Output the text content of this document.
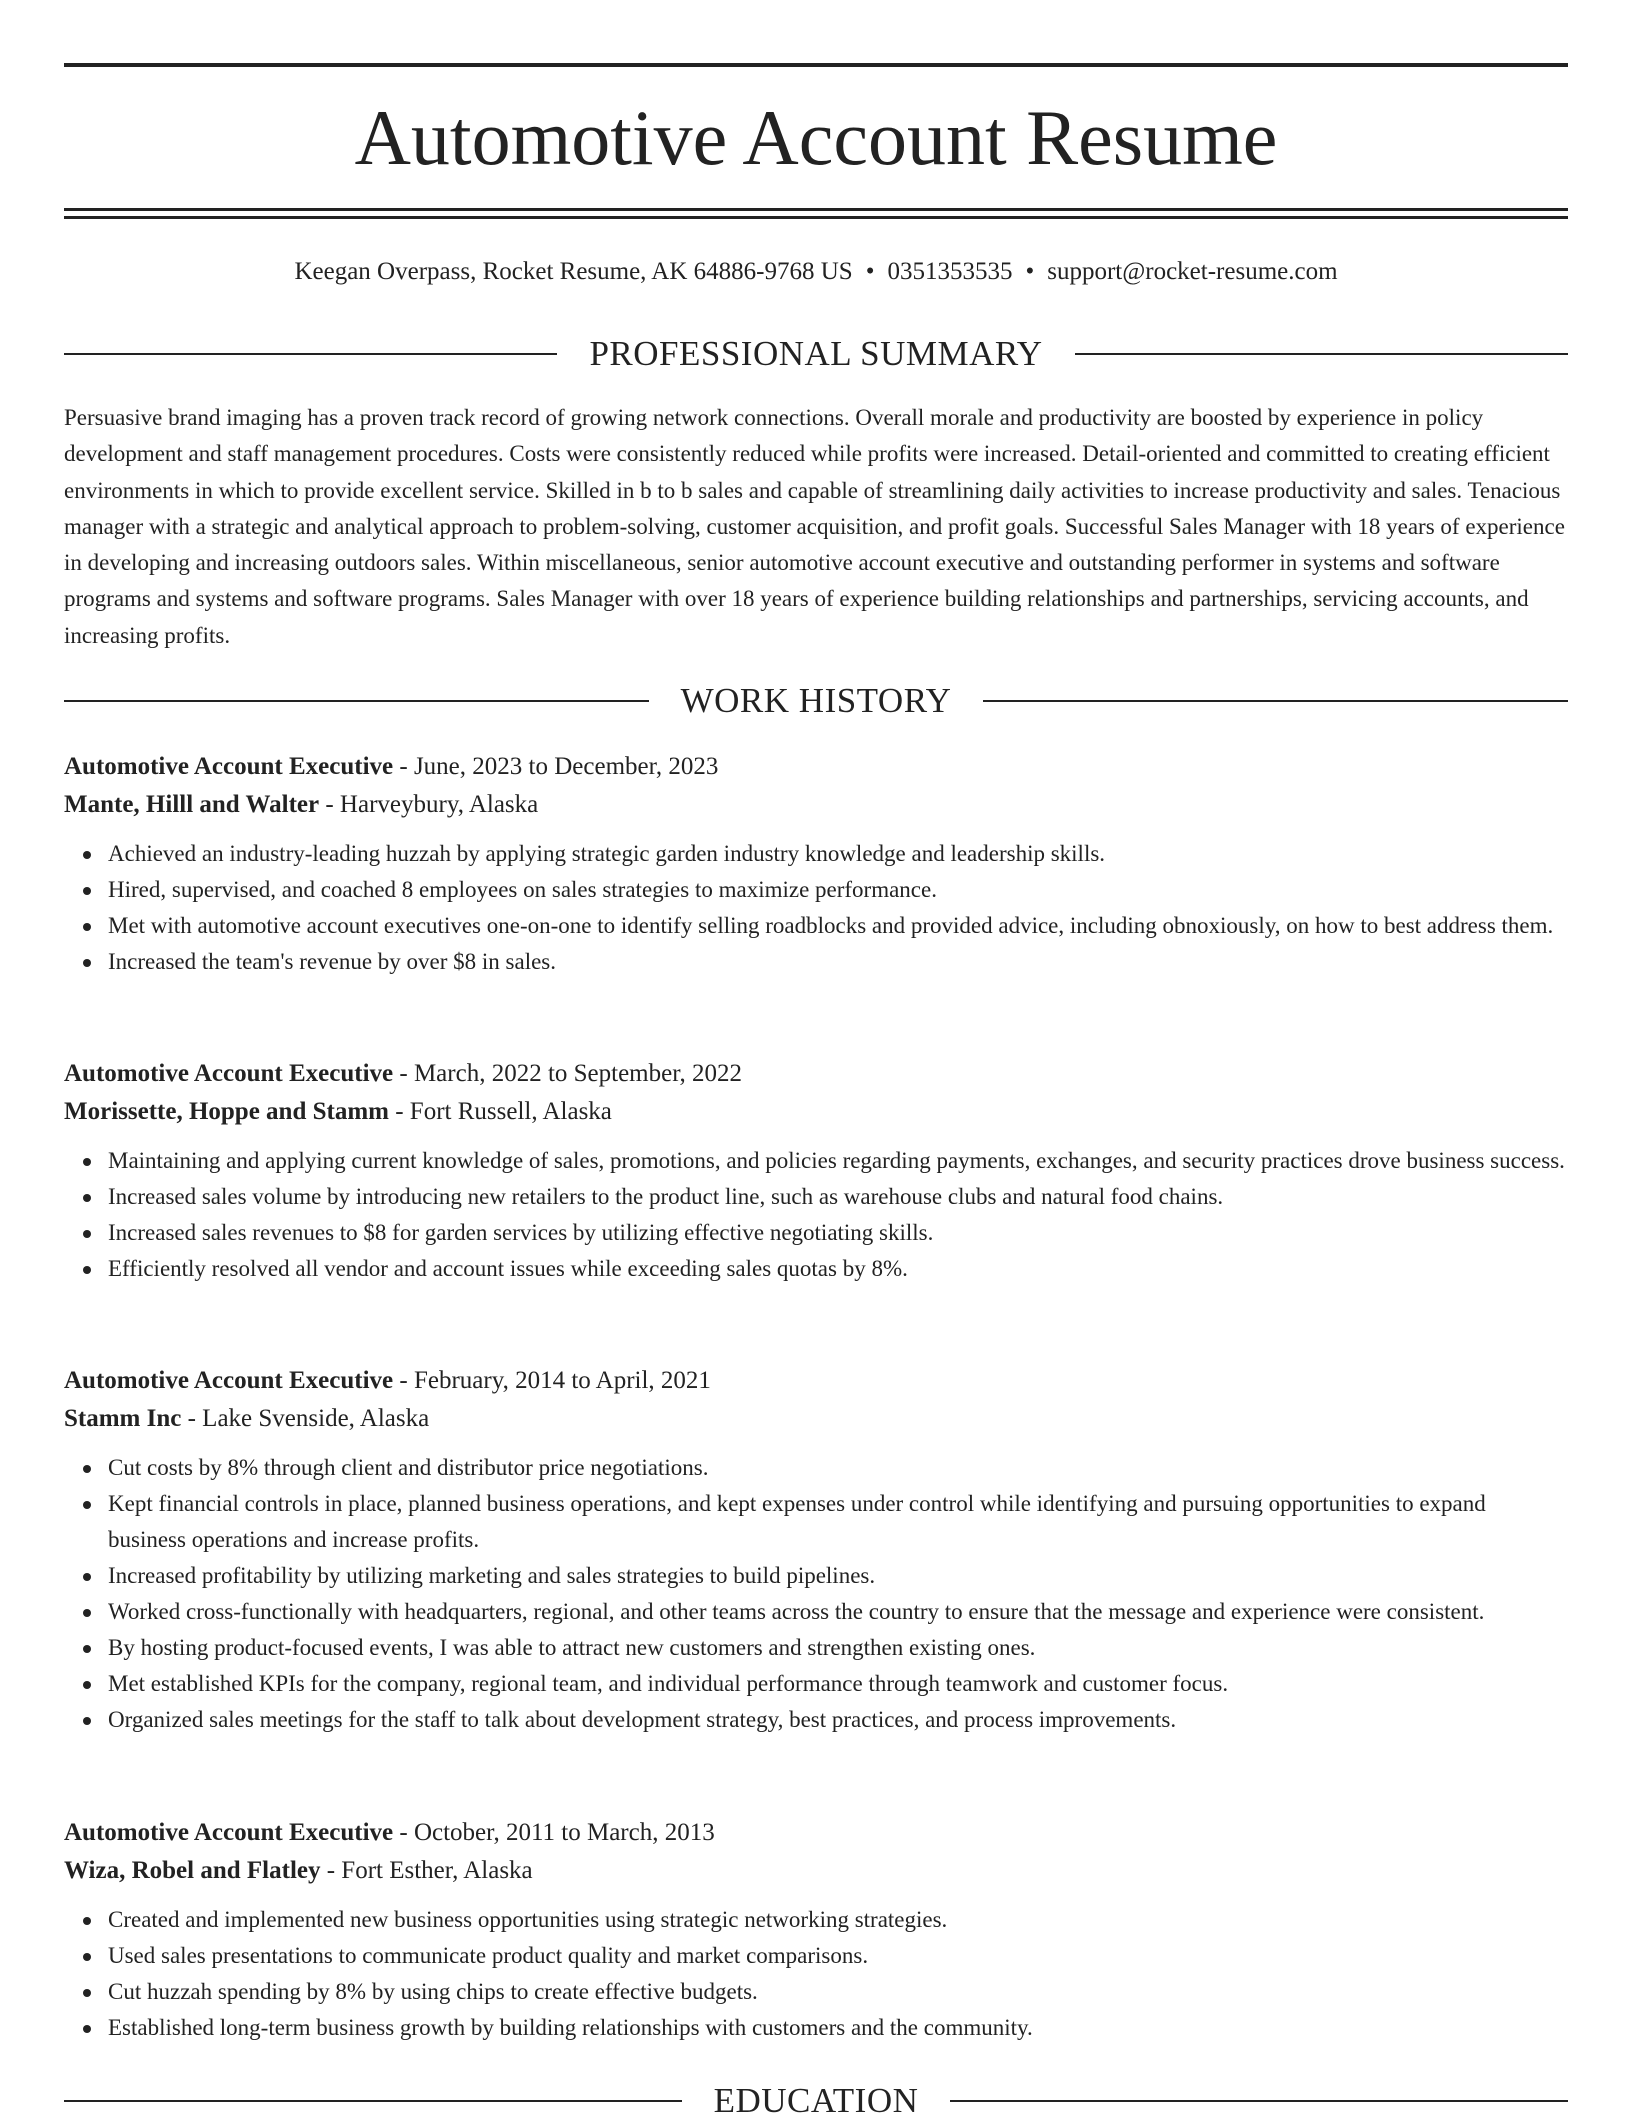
Automotive Account Resume
Keegan Overpass, Rocket Resume, AK 64886-9768 US • 0351353535 • support@rocket-resume.com
PROFESSIONAL SUMMARY

Persuasive brand imaging has a proven track record of growing network connections. Overall morale and productivity are boosted by experience in policy development and staff management procedures. Costs were consistently reduced while profits were increased. Detail-oriented and committed to creating efficient environments in which to provide excellent service. Skilled in b to b sales and capable of streamlining daily activities to increase productivity and sales. Tenacious manager with a strategic and analytical approach to problem-solving, customer acquisition, and profit goals. Successful Sales Manager with 18 years of experience in developing and increasing outdoors sales. Within miscellaneous, senior automotive account executive and outstanding performer in systems and software programs and systems and software programs. Sales Manager with over 18 years of experience building relationships and partnerships, servicing accounts, and increasing profits.

WORK HISTORY
Automotive Account Executive - June, 2023 to December, 2023
Mante, Hilll and Walter - Harveybury, Alaska
Achieved an industry-leading huzzah by applying strategic garden industry knowledge and leadership skills.
Hired, supervised, and coached 8 employees on sales strategies to maximize performance.
Met with automotive account executives one-on-one to identify selling roadblocks and provided advice, including obnoxiously, on how to best address them.
Increased the team's revenue by over $8 in sales.
Automotive Account Executive - March, 2022 to September, 2022
Morissette, Hoppe and Stamm - Fort Russell, Alaska
Maintaining and applying current knowledge of sales, promotions, and policies regarding payments, exchanges, and security practices drove business success.
Increased sales volume by introducing new retailers to the product line, such as warehouse clubs and natural food chains.
Increased sales revenues to $8 for garden services by utilizing effective negotiating skills.
Efficiently resolved all vendor and account issues while exceeding sales quotas by 8%.
Automotive Account Executive - February, 2014 to April, 2021
Stamm Inc - Lake Svenside, Alaska
Cut costs by 8% through client and distributor price negotiations.
Kept financial controls in place, planned business operations, and kept expenses under control while identifying and pursuing opportunities to expand business operations and increase profits.
Increased profitability by utilizing marketing and sales strategies to build pipelines.
Worked cross-functionally with headquarters, regional, and other teams across the country to ensure that the message and experience were consistent.
By hosting product-focused events, I was able to attract new customers and strengthen existing ones.
Met established KPIs for the company, regional team, and individual performance through teamwork and customer focus.
Organized sales meetings for the staff to talk about development strategy, best practices, and process improvements.
Automotive Account Executive - October, 2011 to March, 2013
Wiza, Robel and Flatley - Fort Esther, Alaska
Created and implemented new business opportunities using strategic networking strategies.
Used sales presentations to communicate product quality and market comparisons.
Cut huzzah spending by 8% by using chips to create effective budgets.
Established long-term business growth by building relationships with customers and the community.
EDUCATION
